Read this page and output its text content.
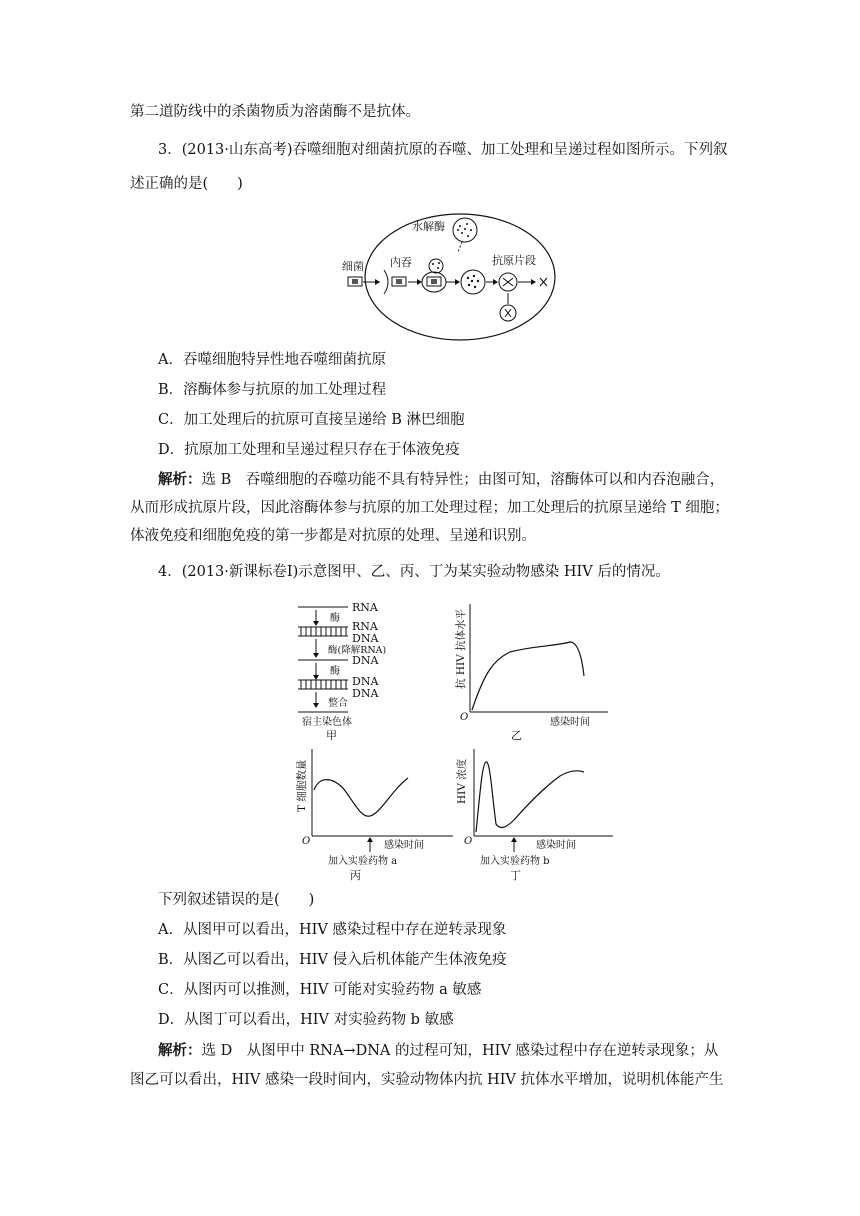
第二道防线中的杀菌物质为溶菌酶不是抗体。
3．(2013·山东高考)吞噬细胞对细菌抗原的吞噬、加工处理和呈递过程如图所示。下列叙
述正确的是(　　)
细菌 内吞
水解酶
抗原片段
A．吞噬细胞特异性地吞噬细菌抗原
B．溶酶体参与抗原的加工处理过程
C．加工处理后的抗原可直接呈递给 B 淋巴细胞
D．抗原加工处理和呈递过程只存在于体液免疫
解析：选 B　吞噬细胞的吞噬功能不具有特异性；由图可知，溶酶体可以和内吞泡融合，
从而形成抗原片段，因此溶酶体参与抗原的加工处理过程；加工处理后的抗原呈递给 T 细胞；
体液免疫和细胞免疫的第一步都是对抗原的处理、呈递和识别。
4．(2013·新课标卷Ⅰ)示意图甲、乙、丙、丁为某实验动物感染 HIV 后的情况。
RNA
酶
RNA
DNA
酶(降解RNA)
DNA
酶
DNA
DNA
整合
宿主染色体
甲
抗 HIV 抗体水平
O	感染时间
乙
T 细胞数量
O	感染时间
加入实验药物 a
丙
HIV 浓度
O	感染时间
加入实验药物 b
丁
下列叙述错误的是(　　)
A．从图甲可以看出，HIV 感染过程中存在逆转录现象
B．从图乙可以看出，HIV 侵入后机体能产生体液免疫
C．从图丙可以推测，HIV 可能对实验药物 a 敏感
D．从图丁可以看出，HIV 对实验药物 b 敏感
解析：选 D　从图甲中 RNA→DNA 的过程可知，HIV 感染过程中存在逆转录现象；从
图乙可以看出，HIV 感染一段时间内，实验动物体内抗 HIV 抗体水平增加，说明机体能产生
